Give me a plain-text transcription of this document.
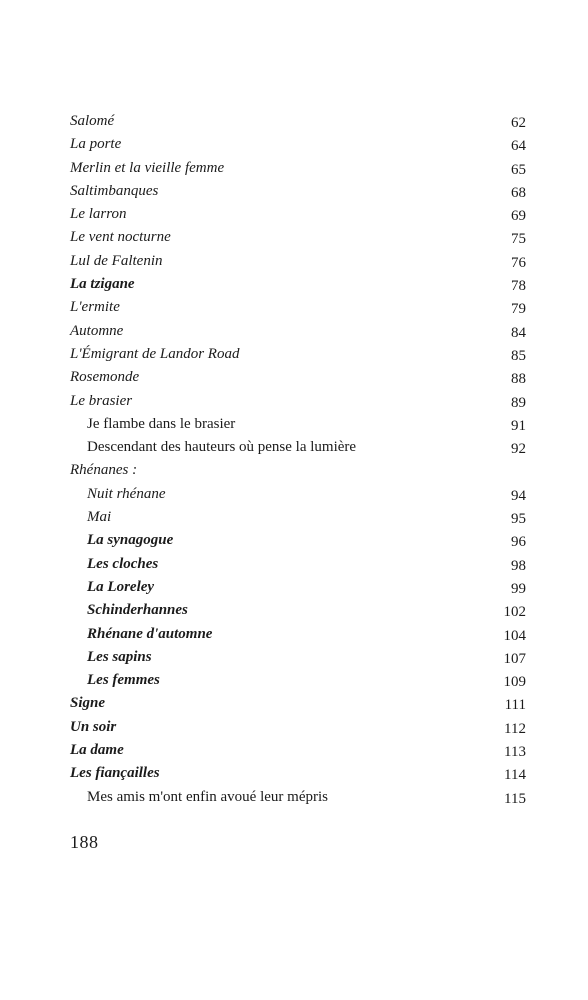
Salomé	62
La porte	64
Merlin et la vieille femme	65
Saltimbanques	68
Le larron	69
Le vent nocturne	75
Lul de Faltenin	76
La tzigane	78
L'ermite	79
Automne	84
L'Émigrant de Landor Road	85
Rosemonde	88
Le brasier	89
Je flambe dans le brasier	91
Descendant des hauteurs où pense la lumière	92
Rhénanes :
Nuit rhénane	94
Mai	95
La synagogue	96
Les cloches	98
La Loreley	99
Schinderhannes	102
Rhénane d'automne	104
Les sapins	107
Les femmes	109
Signe	111
Un soir	112
La dame	113
Les fiançailles	114
Mes amis m'ont enfin avoué leur mépris	115
188
